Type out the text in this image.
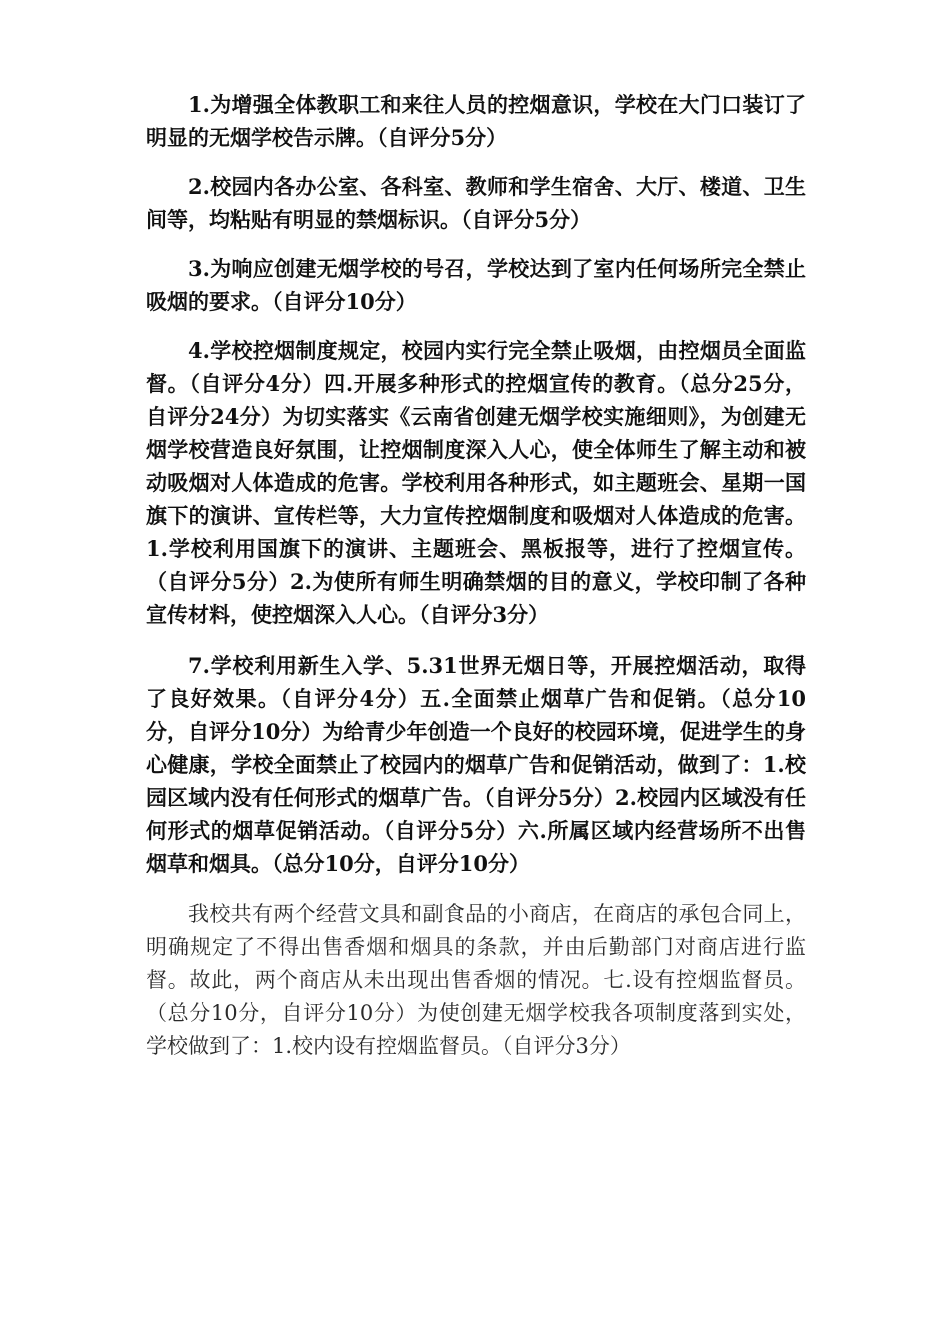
1.为增强全体教职工和来往人员的控烟意识，学校在大门口装订了明显的无烟学校告示牌。（自评分5分）

2.校园内各办公室、各科室、教师和学生宿舍、大厅、楼道、卫生间等，均粘贴有明显的禁烟标识。（自评分5分）

3.为响应创建无烟学校的号召，学校达到了室内任何场所完全禁止吸烟的要求。（自评分10分）

4.学校控烟制度规定，校园内实行完全禁止吸烟，由控烟员全面监督。（自评分4分）四.开展多种形式的控烟宣传的教育。（总分25分，自评分24分）为切实落实《云南省创建无烟学校实施细则》，为创建无烟学校营造良好氛围，让控烟制度深入人心，使全体师生了解主动和被动吸烟对人体造成的危害。学校利用各种形式，如主题班会、星期一国旗下的演讲、宣传栏等，大力宣传控烟制度和吸烟对人体造成的危害。1.学校利用国旗下的演讲、主题班会、黑板报等，进行了控烟宣传。（自评分5分）2.为使所有师生明确禁烟的目的意义，学校印制了各种宣传材料，使控烟深入人心。（自评分3分）

7.学校利用新生入学、5.31世界无烟日等，开展控烟活动，取得了良好效果。（自评分4分）五.全面禁止烟草广告和促销。（总分10分，自评分10分）为给青少年创造一个良好的校园环境，促进学生的身心健康，学校全面禁止了校园内的烟草广告和促销活动，做到了：1.校园区域内没有任何形式的烟草广告。（自评分5分）2.校园内区域没有任何形式的烟草促销活动。（自评分5分）六.所属区域内经营场所不出售烟草和烟具。（总分10分，自评分10分）

我校共有两个经营文具和副食品的小商店，在商店的承包合同上，明确规定了不得出售香烟和烟具的条款，并由后勤部门对商店进行监督。故此，两个商店从未出现出售香烟的情况。七.设有控烟监督员。（总分10分，自评分10分）为使创建无烟学校我各项制度落到实处，学校做到了：1.校内设有控烟监督员。（自评分3分）
